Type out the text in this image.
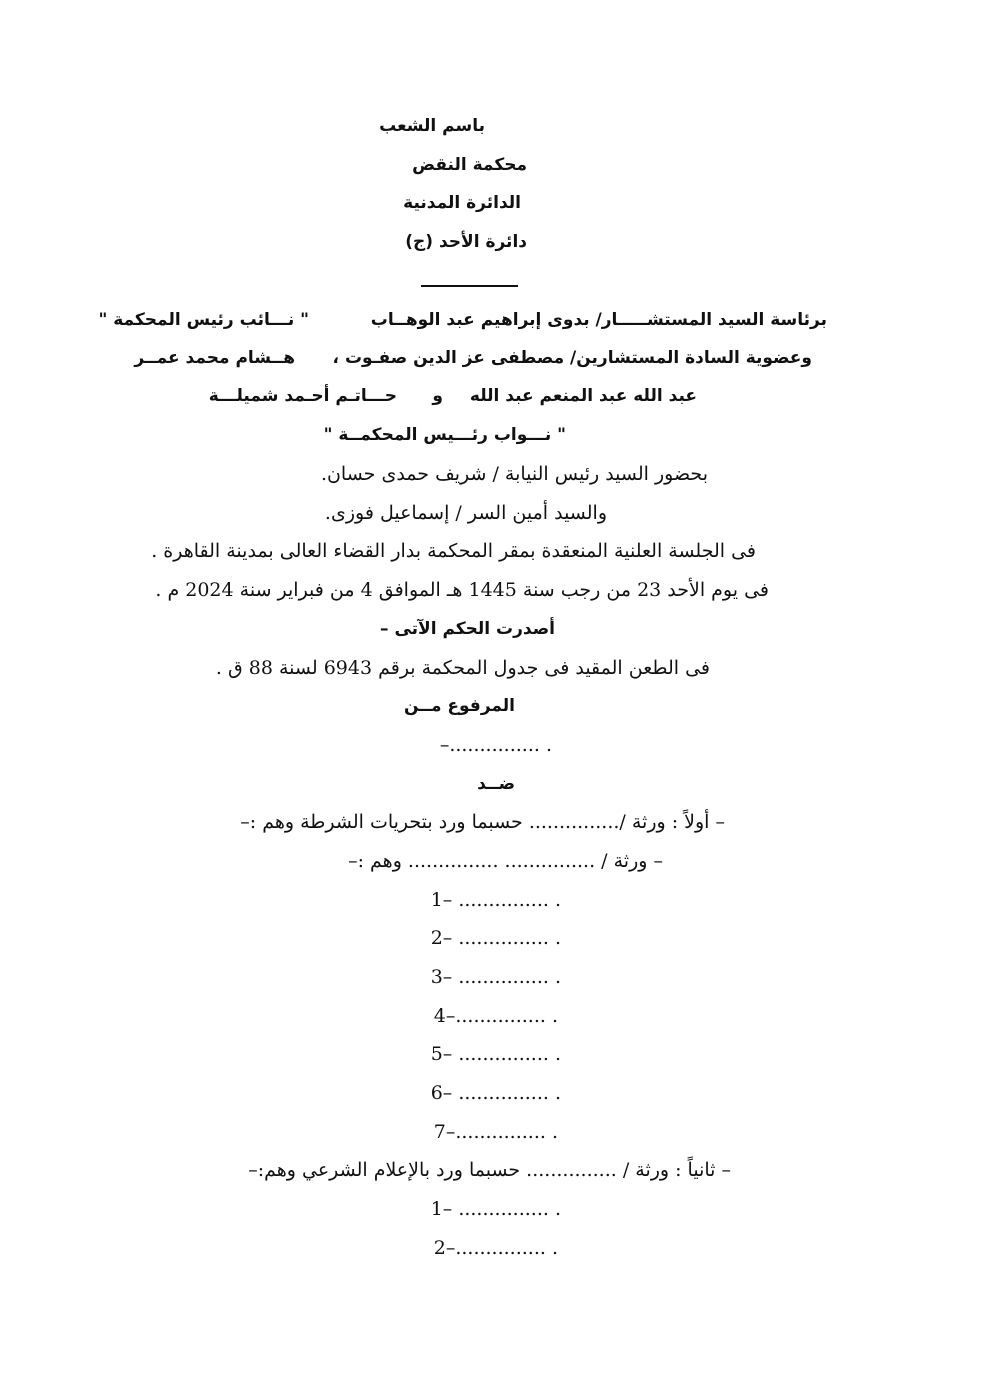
باسم الشعب
محكمة النقض
الدائرة المدنية
دائرة الأحد (ج)
برئاسة السيد المستشـــــار/ بدوى إبراهيم عبد الوهــاب
" نـــائب رئيس المحكمة "
وعضوية السادة المستشارين/ مصطفى عز الدين صفـوت
،
هــشام محمد عمــر
عبد الله عبد المنعم عبد الله
و
حـــاتـم أحـمد شميلـــة
" نـــواب رئـــيس المحكمــة "
بحضور السيد رئيس النيابة / شريف حمدى حسان.
والسيد أمين السر / إسماعيل فوزى.
فى الجلسة العلنية المنعقدة بمقر المحكمة بدار القضاء العالى بمدينة القاهرة .
فى يوم الأحد 23 من رجب سنة 1445 هـ الموافق 4 من فبراير سنة 2024 م .
أصدرت الحكم الآتى –
فى الطعن المقيد فى جدول المحكمة برقم 6943 لسنة 88 ق .
المرفوع مــن
–............... .
ضــد
– أولاً : ورثة /............... حسبما ورد بتحريات الشرطة وهم :–
– ورثة / ............... ............... وهم :–
1– ............... .
2– ............... .
3– ............... .
4–............... .
5– ............... .
6– ............... .
7–............... .
– ثانياً : ورثة / ............... حسبما ورد بالإعلام الشرعي وهم:–
1– ............... .
2–............... .
